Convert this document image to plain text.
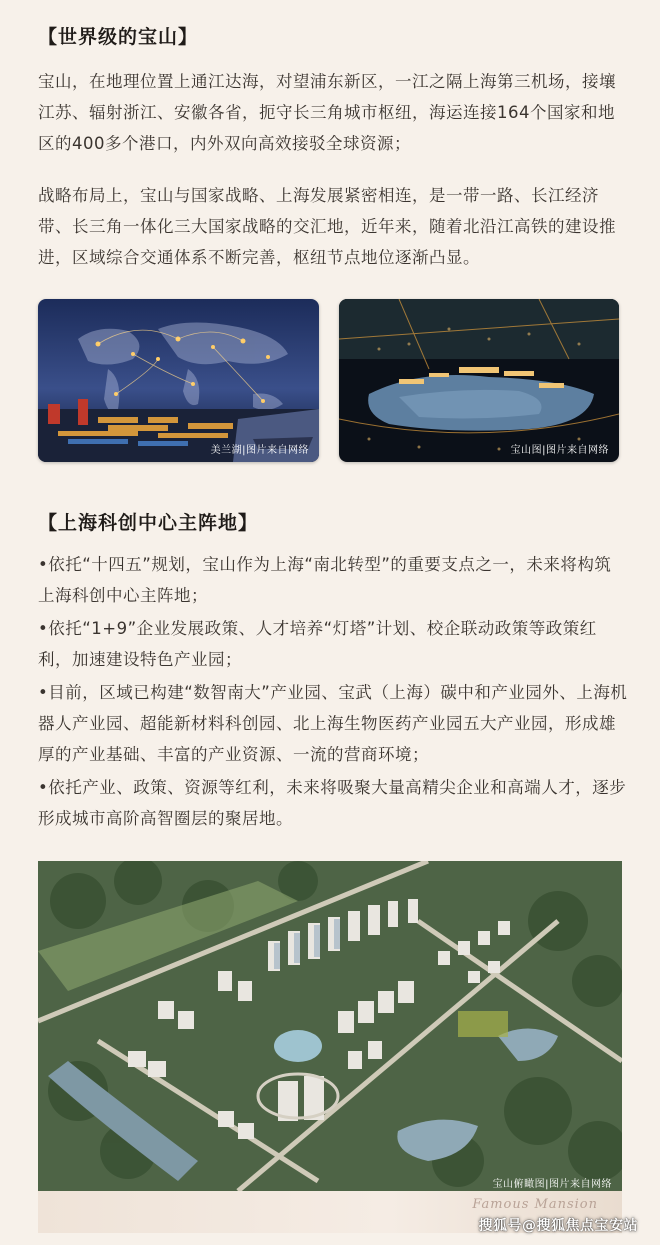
【世界级的宝山】

宝山，在地理位置上通江达海，对望浦东新区，一江之隔上海第三机场，接壤江苏、辐射浙江、安徽各省，扼守长三角城市枢纽，海运连接164个国家和地区的400多个港口，内外双向高效接驳全球资源；

战略布局上，宝山与国家战略、上海发展紧密相连，是一带一路、长江经济带、长三角一体化三大国家战略的交汇地，近年来，随着北沿江高铁的建设推进，区域综合交通体系不断完善，枢纽节点地位逐渐凸显。

美兰湖|图片来自网络	宝山图|图片来自网络
【上海科创中心主阵地】

•依托“十四五”规划，宝山作为上海“南北转型”的重要支点之一，未来将构筑上海科创中心主阵地；

•依托“1+9”企业发展政策、人才培养“灯塔”计划、校企联动政策等政策红利，加速建设特色产业园；

•目前，区域已构建“数智南大”产业园、宝武（上海）碳中和产业园外、上海机器人产业园、超能新材料科创园、北上海生物医药产业园五大产业园，形成雄厚的产业基础、丰富的产业资源、一流的营商环境；

•依托产业、政策、资源等红利，未来将吸聚大量高精尖企业和高端人才，逐步形成城市高阶高智圈层的聚居地。

宝山俯瞰图|图片来自网络
Famous Mansion
搜狐号@搜狐焦点宝安站
